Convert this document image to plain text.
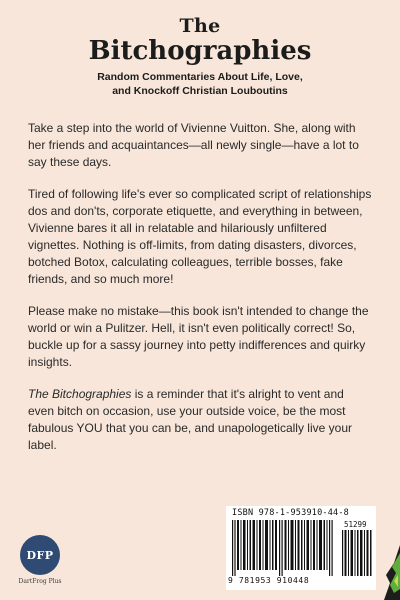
The
Bitchographies
Random Commentaries About Life, Love,
and Knockoff Christian Louboutins

Take a step into the world of Vivienne Vuitton. She, along with her friends and acquaintances—all newly single—have a lot to say these days.

Tired of following life's ever so complicated script of relationships dos and don'ts, corporate etiquette, and everything in between, Vivienne bares it all in relatable and hilariously unfiltered vignettes. Nothing is off-limits, from dating disasters, divorces, botched Botox, calculating colleagues, terrible bosses, fake friends, and so much more!

Please make no mistake—this book isn't intended to change the world or win a Pulitzer. Hell, it isn't even politically correct! So, buckle up for a sassy journey into petty indifferences and quirky insights.

The Bitchographies is a reminder that it's alright to vent and even bitch on occasion, use your outside voice, be the most fabulous YOU that you can be, and unapologetically live your label.

DFP
DartFrog Plus
ISBN 978-1-953910-44-8
51299
9 781953 910448
